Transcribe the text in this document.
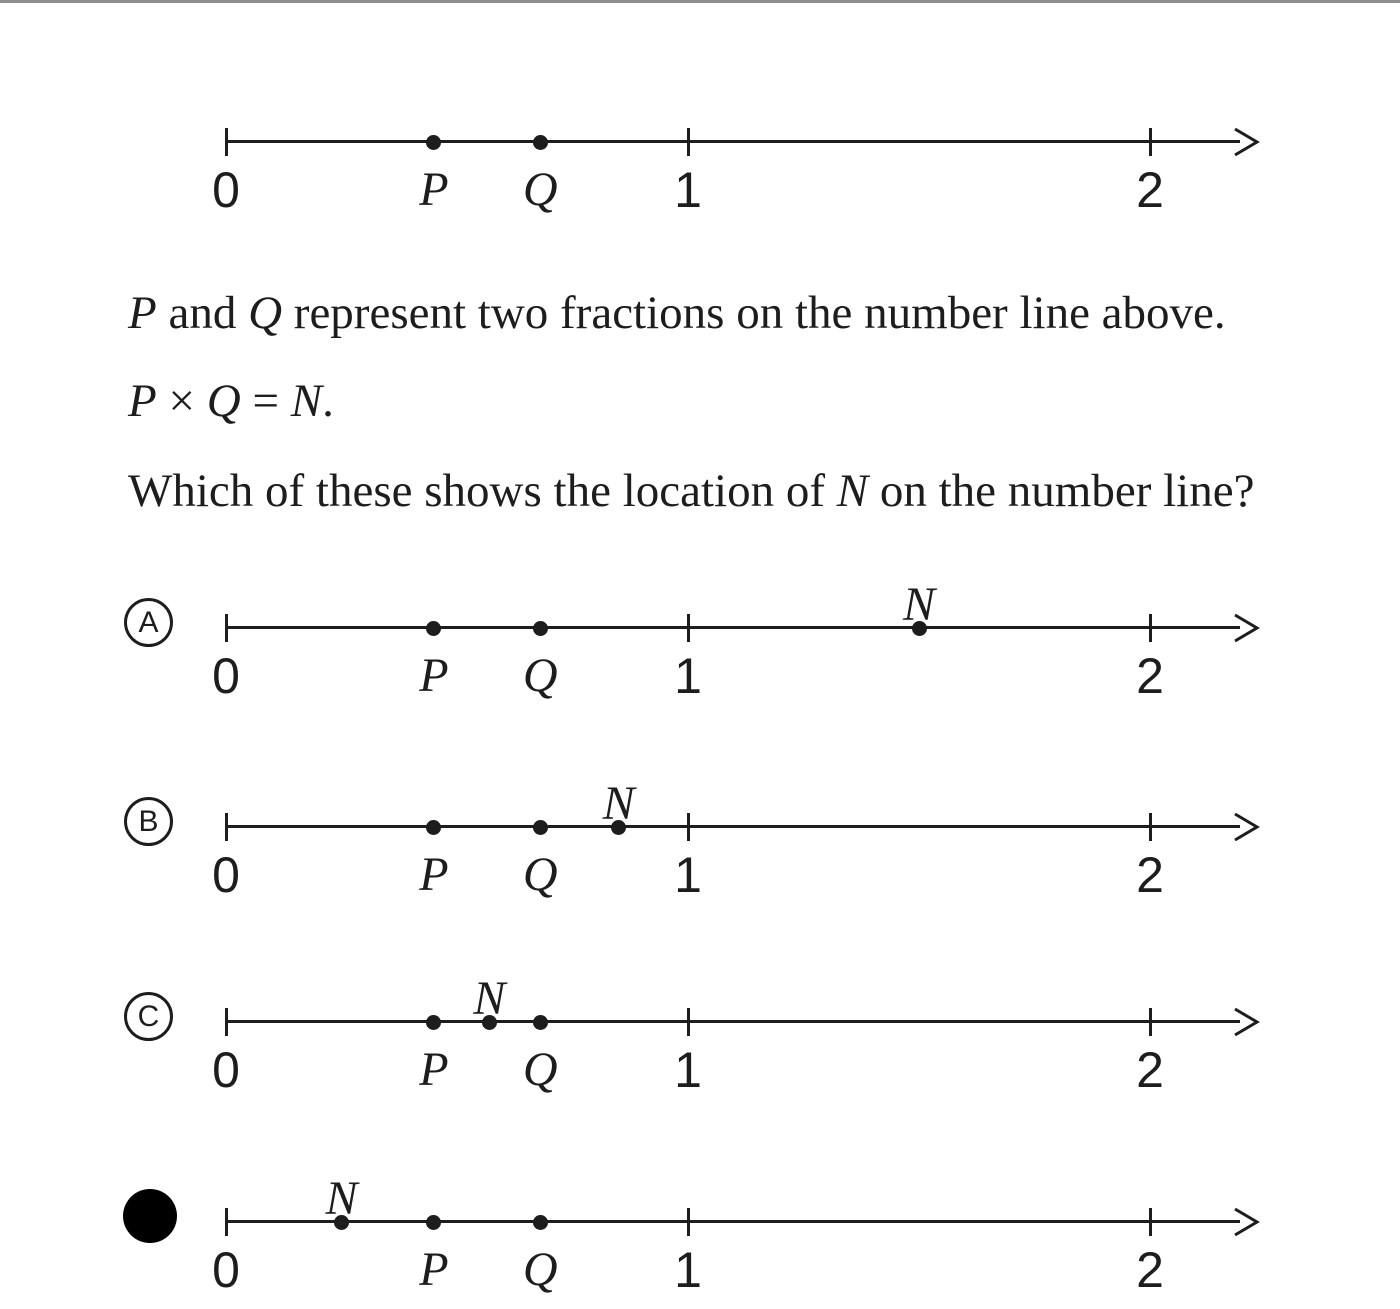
P and Q represent two fractions on the number line above.

P × Q = N.

Which of these shows the location of N on the number line?

0	1	2
P Q
A
0	1	2
P Q
N
B
0	1	2
P Q
N
C
0	1	2
P
N
Q
0	1	2
N
P Q
